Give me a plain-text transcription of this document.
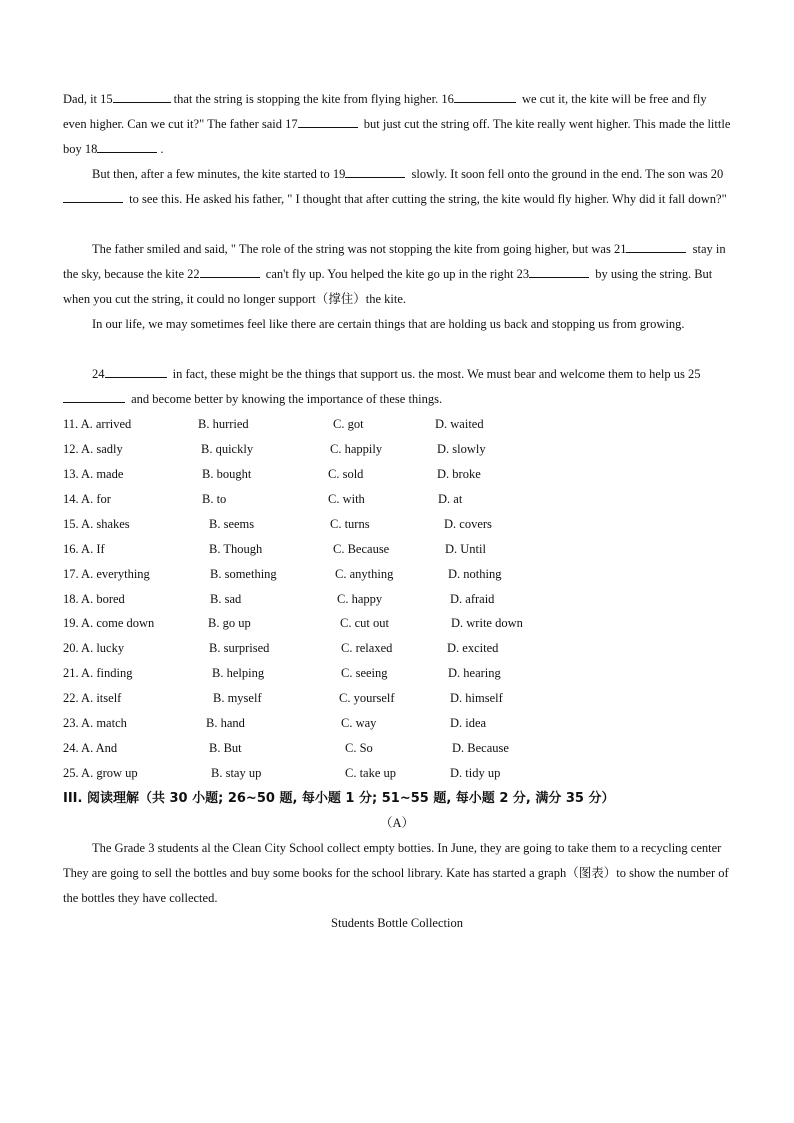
Dad, it 15	that the string is stopping the kite from flying higher. 16	we cut it, the kite will be free and fly even higher. Can we cut it?" The father said 17	but just cut the string off. The kite really went higher. This made the little boy 18	.
But then, after a few minutes, the kite started to 19	slowly. It soon fell onto the ground in the end. The son was 20 to see this. He asked his father, " I thought that after cutting the string, the kite would fly higher. Why did it fall down?"
The father smiled and said, " The role of the string was not stopping the kite from going higher, but was 21	stay in the sky, because the kite 22	can't fly up. You helped the kite go up in the right 23	by using the string. But when you cut the string, it could no longer support（撑住）the kite.
In our life, we may sometimes feel like there are certain things that are holding us back and stopping us from growing.
24	in fact, these might be the things that support us. the most. We must bear and welcome them to help us 25 and become better by knowing the importance of these things.
11. A. arrived	B. hurried	C. got	D. waited
12. A. sadly	B. quickly	C. happily	D. slowly
13. A. made	B. bought	C. sold	D. broke
14. A. for	B. to	C. with	D. at
15. A. shakes	B. seems	C. turns	D. covers
16. A. If	B. Though	C. Because	D. Until
17. A. everything	B. something	C. anything	D. nothing
18. A. bored	B. sad	C. happy	D. afraid
19. A. come down	B. go up	C. cut out	D. write down
20. A. lucky	B. surprised	C. relaxed	D. excited
21. A. finding	B. helping	C. seeing	D. hearing
22. A. itself	B. myself	C. yourself	D. himself
23. A. match	B. hand	C. way	D. idea
24. A. And	B. But	C. So	D. Because
25. A. grow up	B. stay up	C. take up	D. tidy up
III. 阅读理解（共 30 小题; 26~50 题, 每小题 1 分; 51~55 题, 每小题 2 分, 满分 35 分）
（A）
The Grade 3 students al the Clean City School collect empty botties. In June, they are going to take them to a recycling center They are going to sell the bottles and buy some books for the school library. Kate has started a graph（图表）to show the number of the bottles they have collected.
Students Bottle Collection
